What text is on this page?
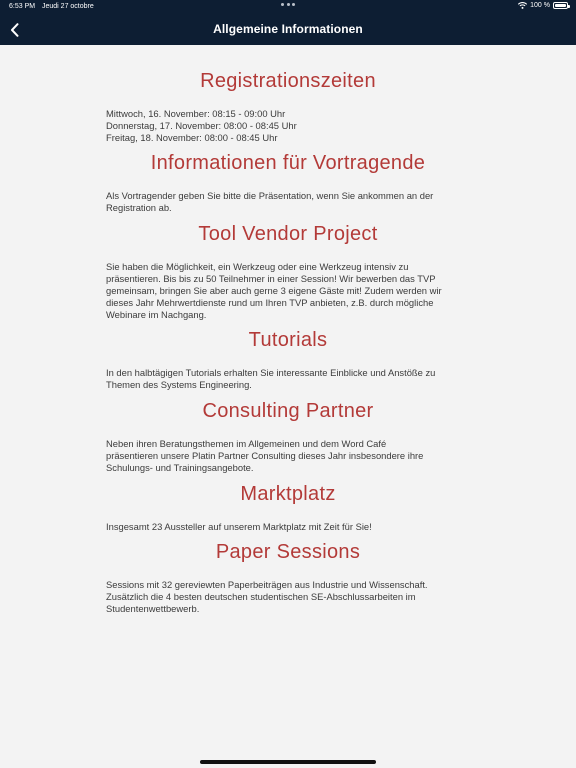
6:53 PM Jeudi 27 octobre	100 %
Allgemeine Informationen
Registrationszeiten
Mittwoch, 16. November: 08:15 - 09:00 Uhr
Donnerstag, 17. November: 08:00 - 08:45 Uhr
Freitag, 18. November: 08:00 - 08:45 Uhr
Informationen für Vortragende
Als Vortragender geben Sie bitte die Präsentation, wenn Sie ankommen an der
Registration ab.
Tool Vendor Project
Sie haben die Möglichkeit, ein Werkzeug oder eine Werkzeug intensiv zu
präsentieren. Bis bis zu 50 Teilnehmer in einer Session! Wir bewerben das TVP
gemeinsam, bringen Sie aber auch gerne 3 eigene Gäste mit! Zudem werden wir
dieses Jahr Mehrwertdienste rund um Ihren TVP anbieten, z.B. durch mögliche
Webinare im Nachgang.
Tutorials
In den halbtägigen Tutorials erhalten Sie interessante Einblicke und Anstöße zu
Themen des Systems Engineering.
Consulting Partner
Neben ihren Beratungsthemen im Allgemeinen und dem Word Café
präsentieren unsere Platin Partner Consulting dieses Jahr insbesondere ihre
Schulungs- und Trainingsangebote.
Marktplatz
Insgesamt 23 Aussteller auf unserem Marktplatz mit Zeit für Sie!
Paper Sessions
Sessions mit 32 gereviewten Paperbeiträgen aus Industrie und Wissenschaft.
Zusätzlich die 4 besten deutschen studentischen SE-Abschlussarbeiten im
Studentenwettbewerb.
